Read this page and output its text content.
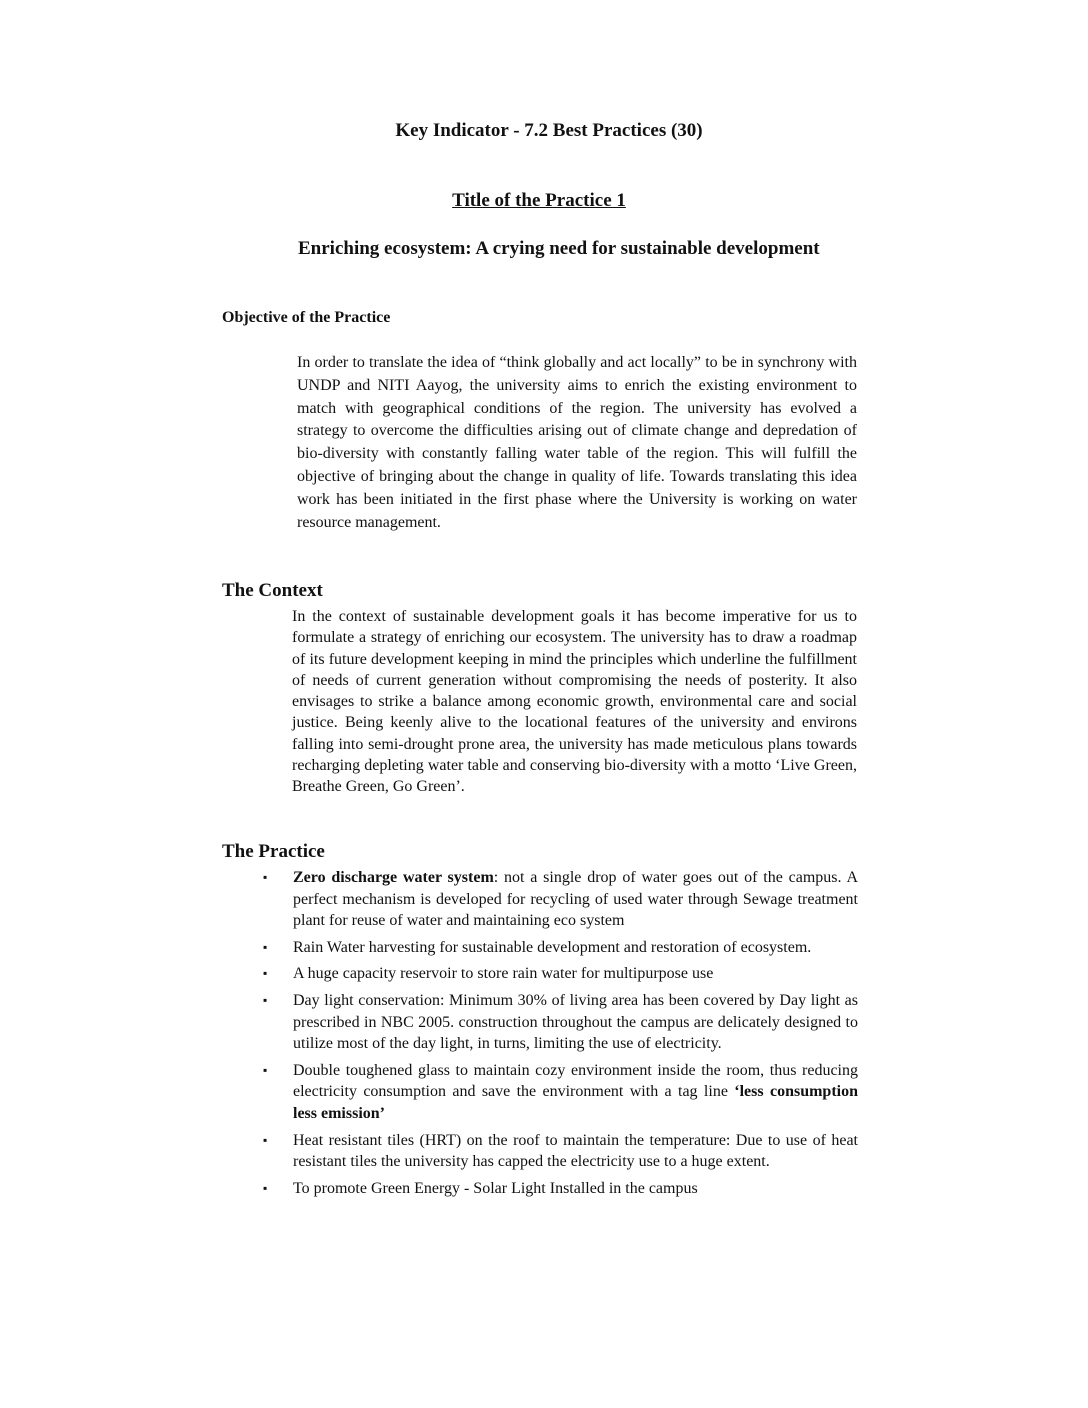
Key Indicator - 7.2 Best Practices (30)
Title of the Practice 1
Enriching ecosystem: A crying need for sustainable development
Objective of the Practice
In order to translate the idea of “think globally and act locally” to be in synchrony with UNDP and NITI Aayog, the university aims to enrich the existing environment to match with geographical conditions of the region. The university has evolved a strategy to overcome the difficulties arising out of climate change and depredation of bio-diversity with constantly falling water table of the region. This will fulfill the objective of bringing about the change in quality of life. Towards translating this idea work has been initiated in the first phase where the University is working on water resource management.
The Context
In the context of sustainable development goals it has become imperative for us to formulate a strategy of enriching our ecosystem. The university has to draw a roadmap of its future development keeping in mind the principles which underline the fulfillment of needs of current generation without compromising the needs of posterity. It also envisages to strike a balance among economic growth, environmental care and social justice. Being keenly alive to the locational features of the university and environs falling into semi-drought prone area, the university has made meticulous plans towards recharging depleting water table and conserving bio-diversity with a motto ‘Live Green, Breathe Green, Go Green’.
The Practice
▪ Zero discharge water system: not a single drop of water goes out of the campus. A perfect mechanism is developed for recycling of used water through Sewage treatment plant for reuse of water and maintaining eco system
▪ Rain Water harvesting for sustainable development and restoration of ecosystem.
▪ A huge capacity reservoir to store rain water for multipurpose use
▪ Day light conservation: Minimum 30% of living area has been covered by Day light as prescribed in NBC 2005. construction throughout the campus are delicately designed to utilize most of the day light, in turns, limiting the use of electricity.
▪ Double toughened glass to maintain cozy environment inside the room, thus reducing electricity consumption and save the environment with a tag line ‘less consumption less emission’
▪ Heat resistant tiles (HRT) on the roof to maintain the temperature: Due to use of heat resistant tiles the university has capped the electricity use to a huge extent.
▪ To promote Green Energy - Solar Light Installed in the campus
